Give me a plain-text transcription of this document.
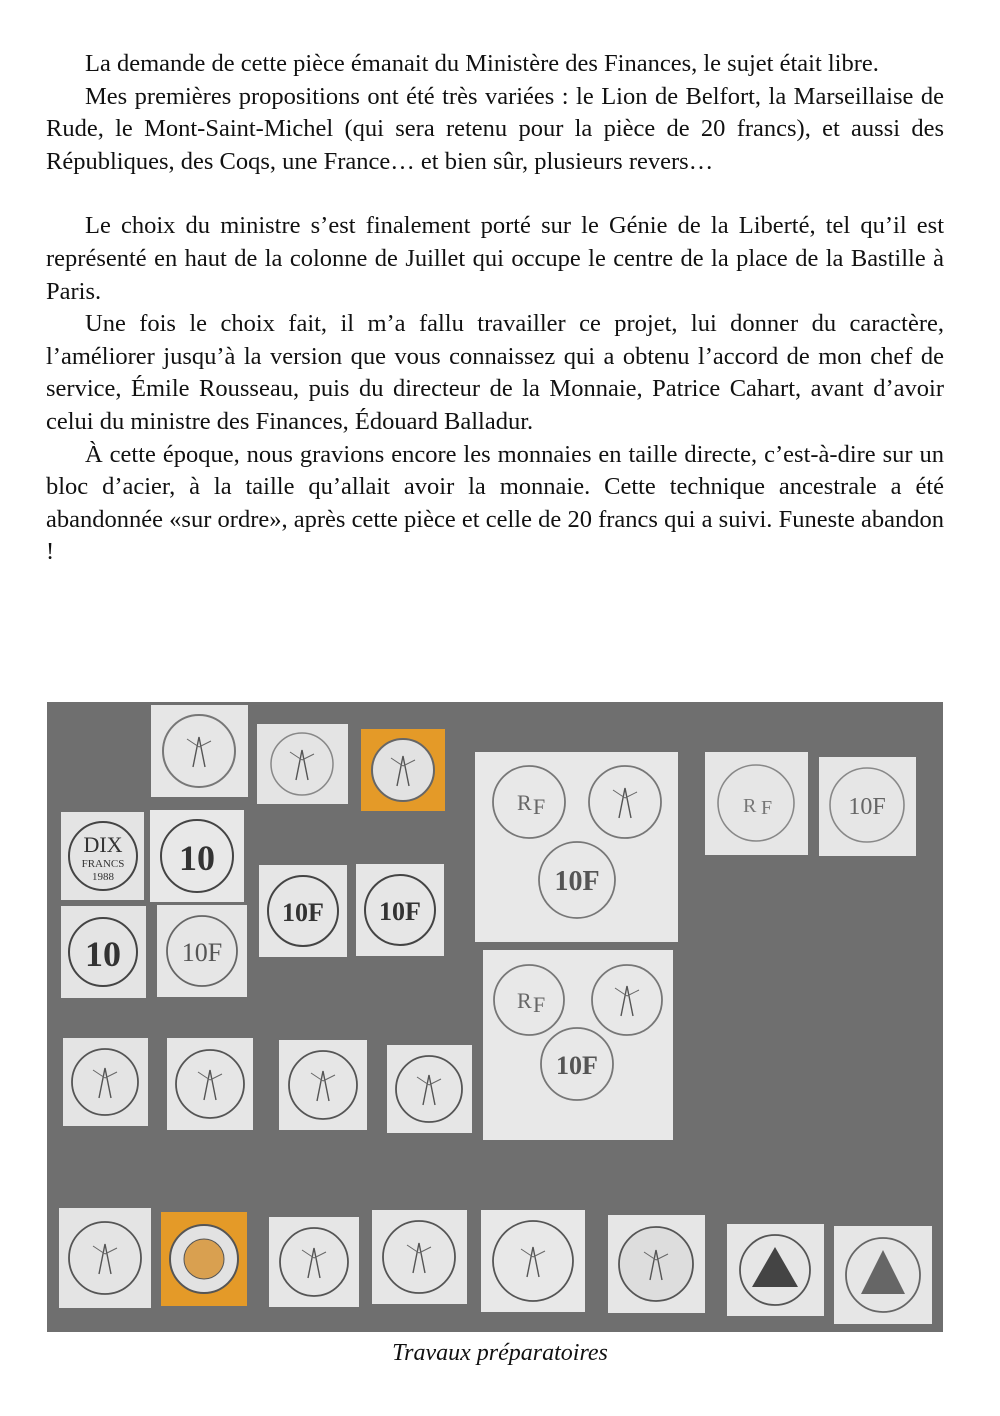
La demande de cette pièce émanait du Ministère des Finances, le sujet était libre.

Mes premières propositions ont été très variées : le Lion de Belfort, la Marseillaise de Rude, le Mont-Saint-Michel (qui sera retenu pour la pièce de 20 francs), et aussi des Républiques, des Coqs, une France… et bien sûr, plusieurs revers…

Le choix du ministre s’est finalement porté sur le Génie de la Liberté, tel qu’il est représenté en haut de la colonne de Juillet qui occupe le centre de la place de la Bastille à Paris.

Une fois le choix fait, il m’a fallu travailler ce projet, lui donner du caractère, l’améliorer jusqu’à la version que vous connaissez qui a obtenu l’accord de mon chef de service, Émile Rousseau, puis du directeur de la Monnaie, Patrice Cahart, avant d’avoir celui du ministre des Finances, Édouard Balladur.

À cette époque, nous gravions encore les monnaies en taille directe, c’est-à-dire sur un bloc d’acier, à la taille qu’allait avoir la monnaie. Cette technique ancestrale a été abandonnée «sur ordre», après cette pièce et celle de 20 francs qui a suivi. Funeste abandon !

R F
10F
R F	10F
DIX
FRANCS
1988 10
10F 10F
10 10F
R F
10F
Travaux préparatoires
